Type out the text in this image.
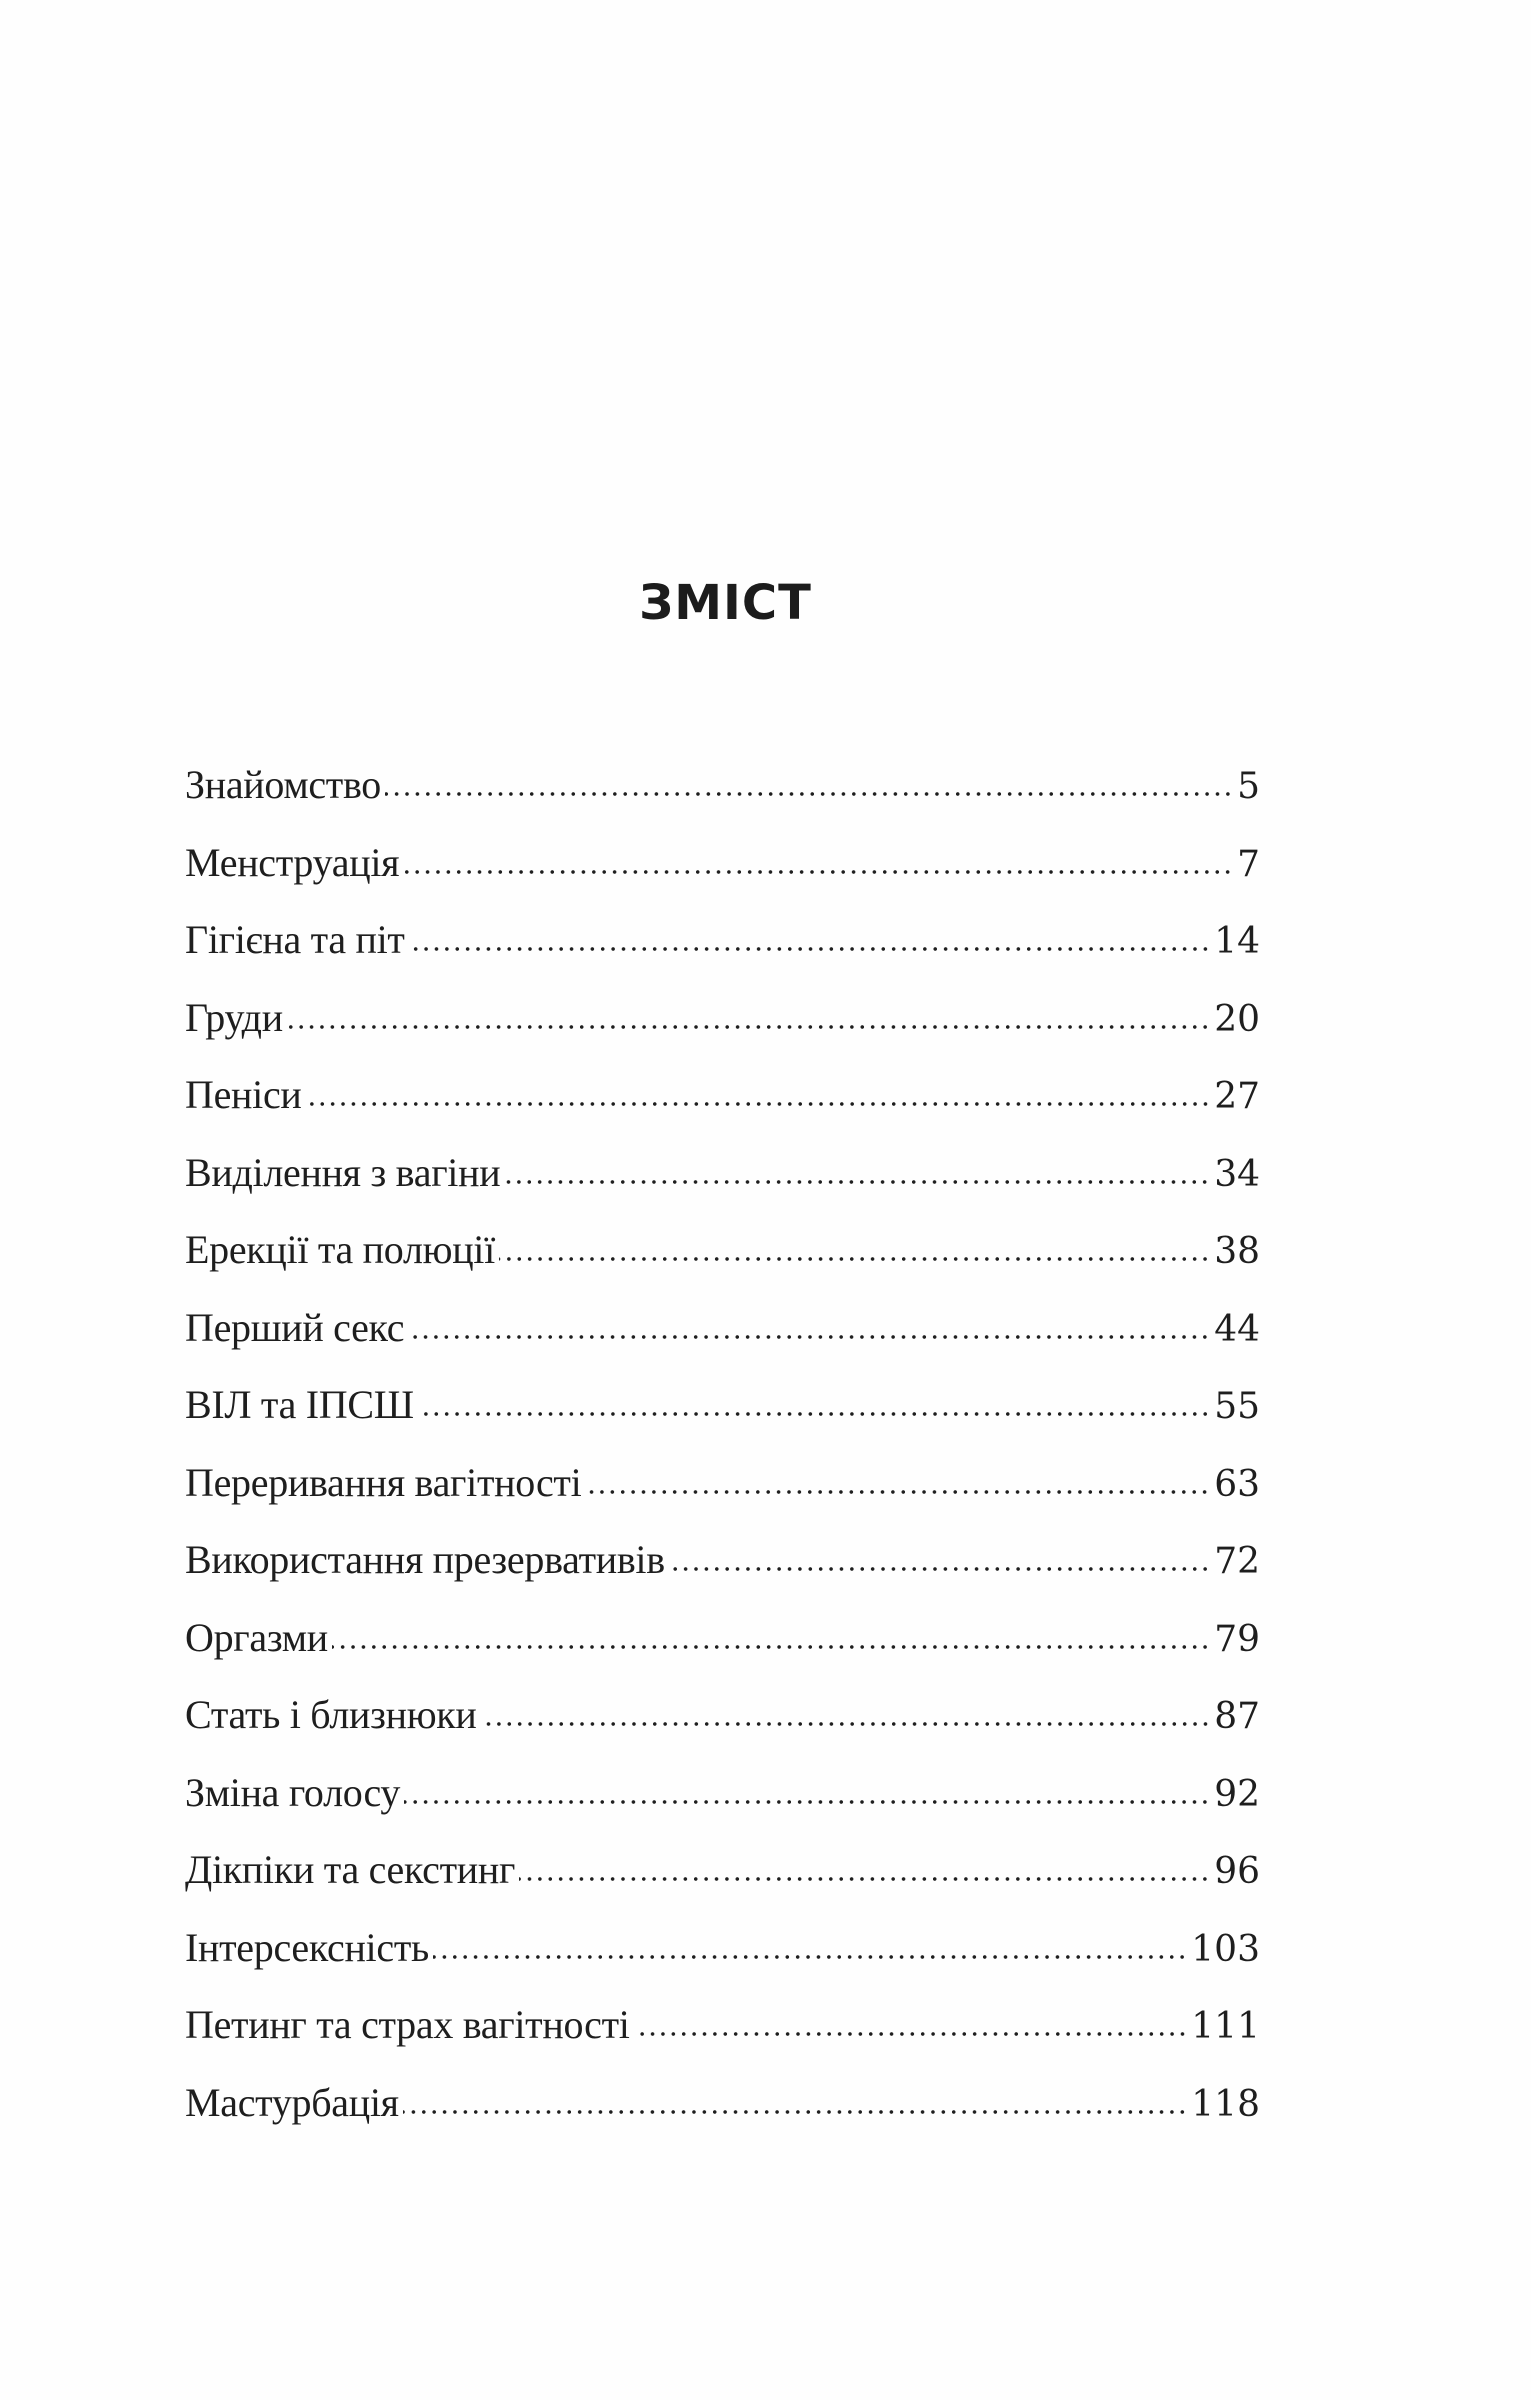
ЗМІСТ
Знайомство	5
Менструація	7
Гігієна та піт	14
Груди	20
Пеніси	27
Виділення з вагіни	34
Ерекції та полюції	38
Перший секс	44
ВІЛ та ІПСШ	55
Переривання вагітності	63
Використання презервативів	72
Оргазми	79
Стать і близнюки	87
Зміна голосу	92
Дікпіки та секстинг	96
Інтерсексність	103
Петинг та страх вагітності	111
Мастурбація	118
